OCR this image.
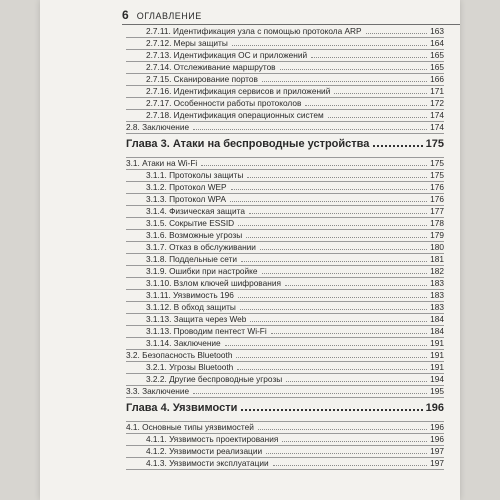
6 ОГЛАВЛЕНИЕ
2.7.11. Идентификация узла с помощью протокола ARP	163
2.7.12. Меры защиты	164
2.7.13. Идентификация ОС и приложений	165
2.7.14. Отслеживание маршрутов	165
2.7.15. Сканирование портов	166
2.7.16. Идентификация сервисов и приложений	171
2.7.17. Особенности работы протоколов	172
2.7.18. Идентификация операционных систем	174
2.8. Заключение	174
Глава 3. Атаки на беспроводные устройства	175
3.1. Атаки на Wi-Fi	175
3.1.1. Протоколы защиты	175
3.1.2. Протокол WEP	176
3.1.3. Протокол WPA	176
3.1.4. Физическая защита	177
3.1.5. Сокрытие ESSID	178
3.1.6. Возможные угрозы	179
3.1.7. Отказ в обслуживании	180
3.1.8. Поддельные сети	181
3.1.9. Ошибки при настройке	182
3.1.10. Взлом ключей шифрования	183
3.1.11. Уязвимость 196	183
3.1.12. В обход защиты	183
3.1.13. Защита через Web	184
3.1.13. Проводим пентест Wi-Fi	184
3.1.14. Заключение	191
3.2. Безопасность Bluetooth	191
3.2.1. Угрозы Bluetooth	191
3.2.2. Другие беспроводные угрозы	194
3.3. Заключение	195
Глава 4. Уязвимости	196
4.1. Основные типы уязвимостей	196
4.1.1. Уязвимость проектирования	196
4.1.2. Уязвимости реализации	197
4.1.3. Уязвимости эксплуатации	197
